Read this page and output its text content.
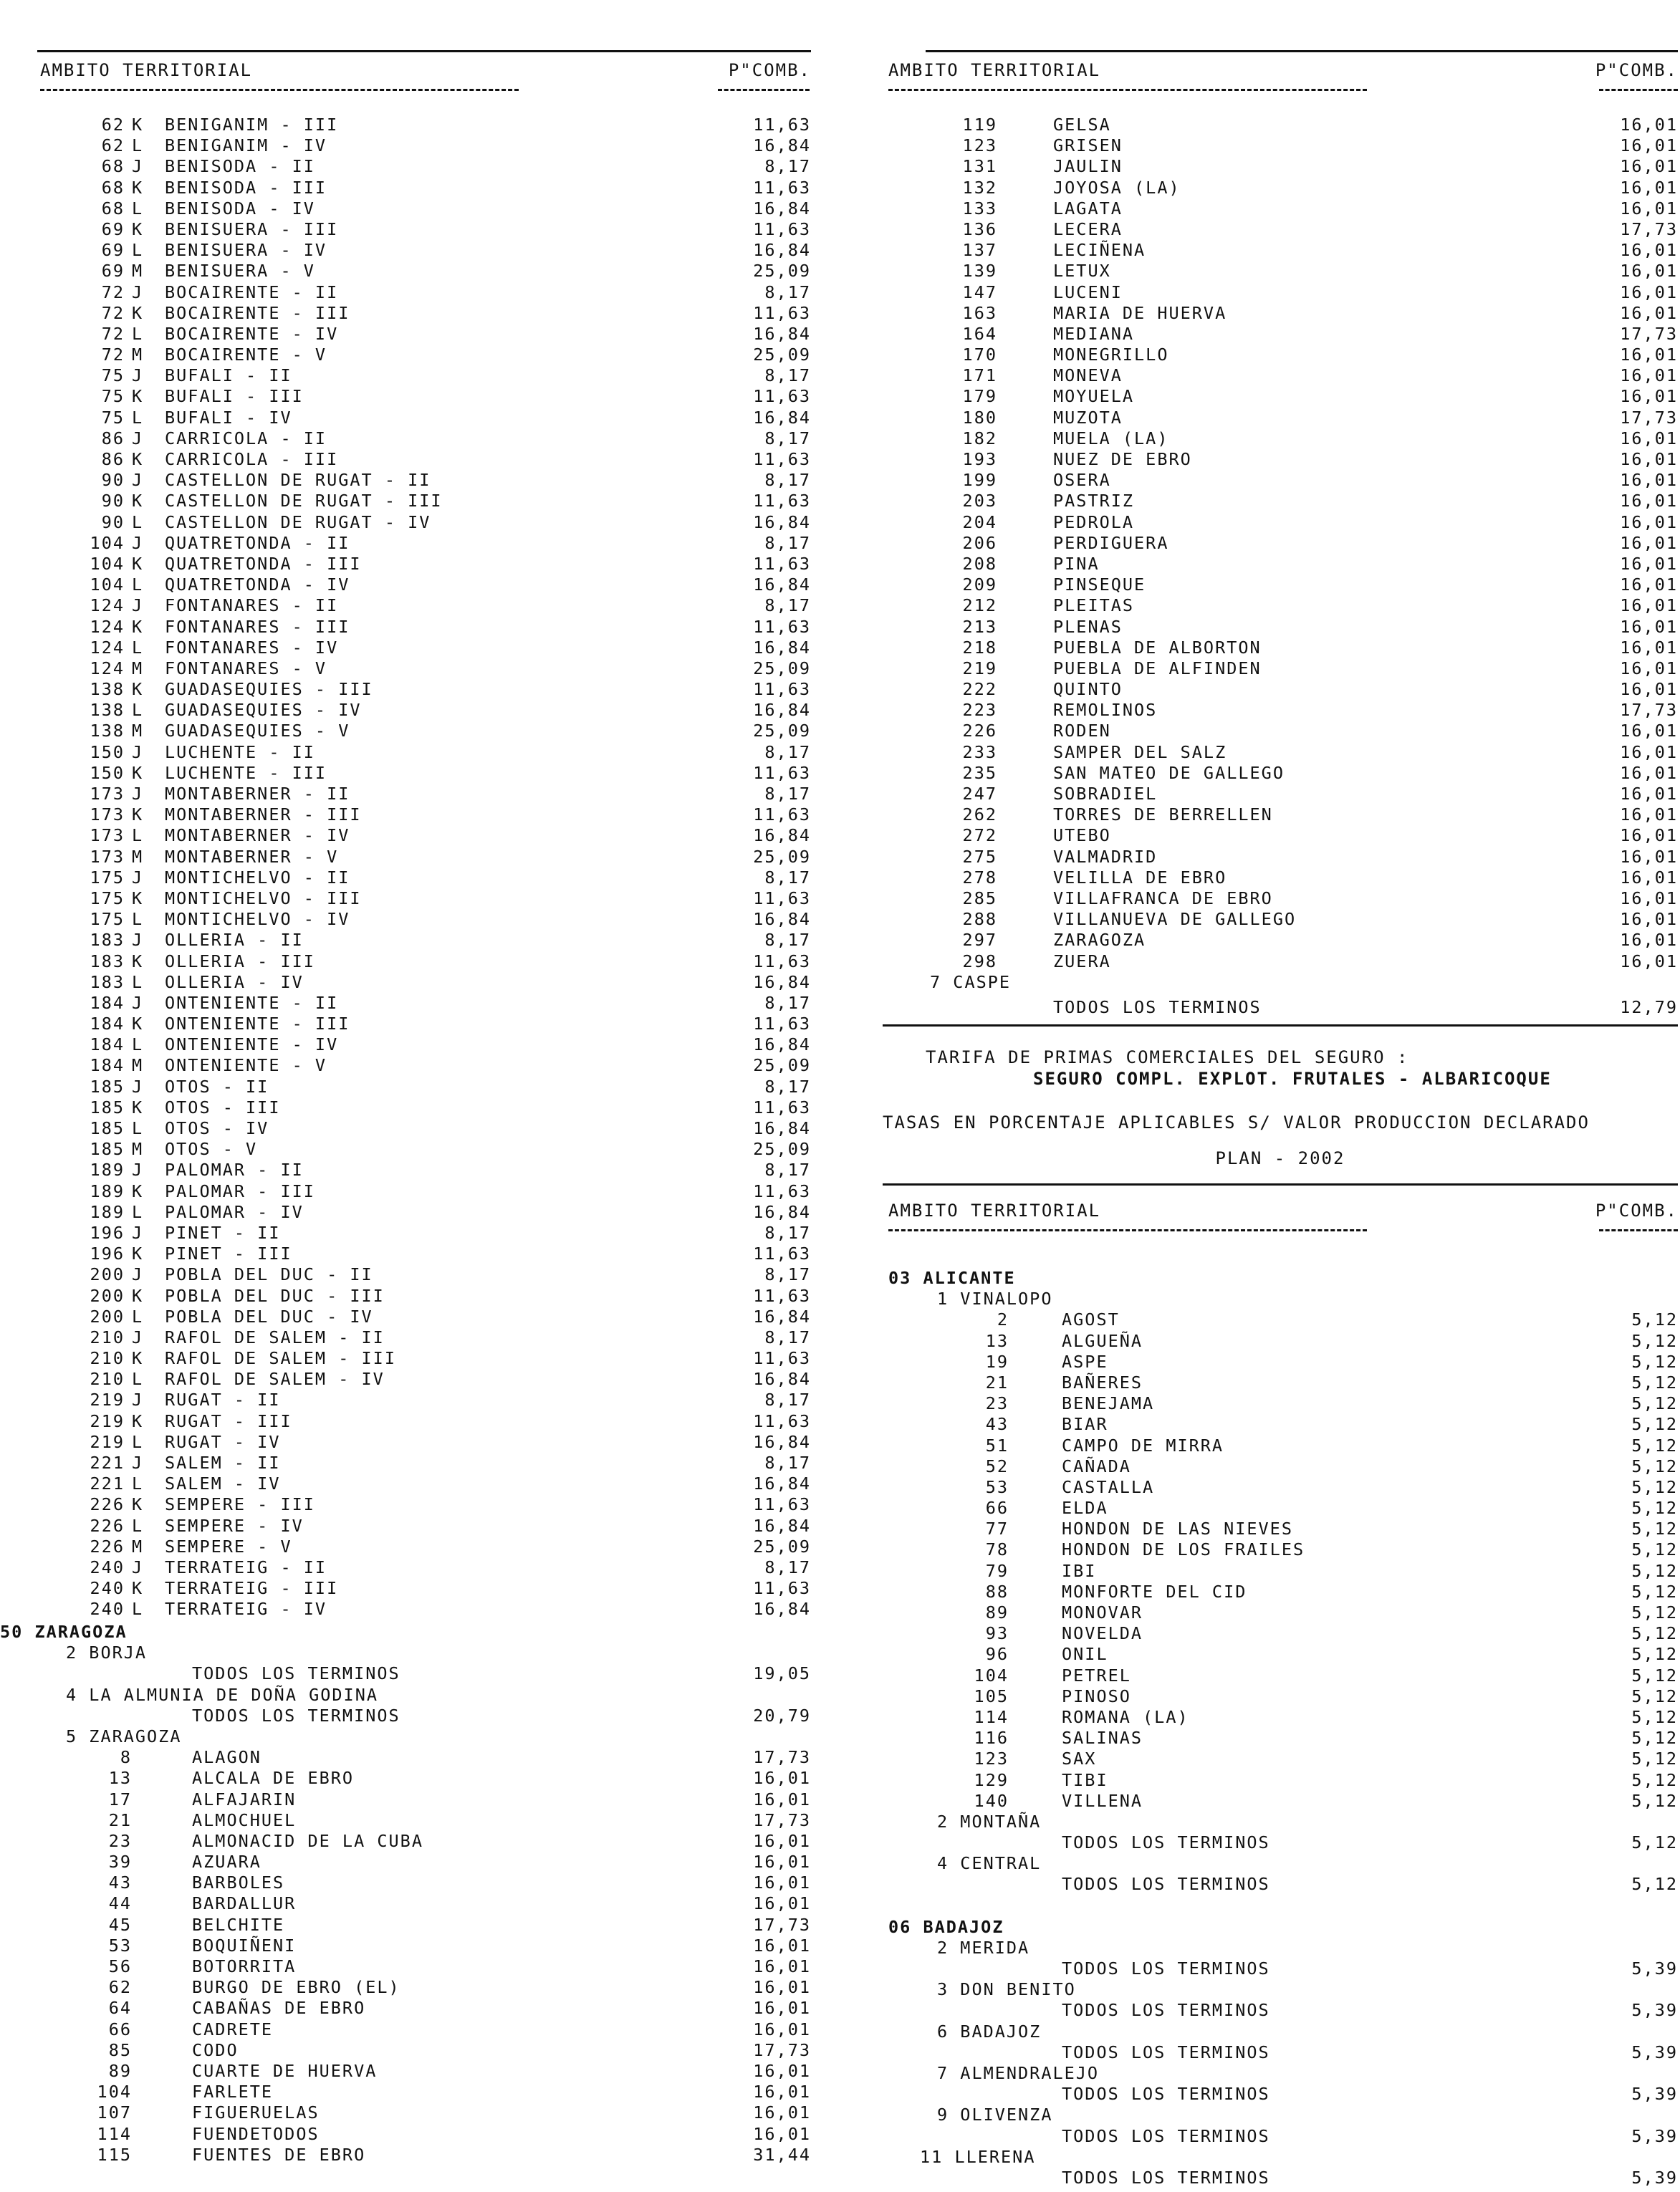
AMBITO TERRITORIAL	P"COMB.
62 K BENIGANIM - III	11,63
62 L BENIGANIM - IV	16,84
68 J BENISODA - II	8,17
68 K BENISODA - III	11,63
68 L BENISODA - IV	16,84
69 K BENISUERA - III	11,63
69 L BENISUERA - IV	16,84
69 M BENISUERA - V	25,09
72 J BOCAIRENTE - II	8,17
72 K BOCAIRENTE - III	11,63
72 L BOCAIRENTE - IV	16,84
72 M BOCAIRENTE - V	25,09
75 J BUFALI - II	8,17
75 K BUFALI - III	11,63
75 L BUFALI - IV	16,84
86 J CARRICOLA - II	8,17
86 K CARRICOLA - III	11,63
90 J CASTELLON DE RUGAT - II	8,17
90 K CASTELLON DE RUGAT - III	11,63
90 L CASTELLON DE RUGAT - IV	16,84
104 J QUATRETONDA - II	8,17
104 K QUATRETONDA - III	11,63
104 L QUATRETONDA - IV	16,84
124 J FONTANARES - II	8,17
124 K FONTANARES - III	11,63
124 L FONTANARES - IV	16,84
124 M FONTANARES - V	25,09
138 K GUADASEQUIES - III	11,63
138 L GUADASEQUIES - IV	16,84
138 M GUADASEQUIES - V	25,09
150 J LUCHENTE - II	8,17
150 K LUCHENTE - III	11,63
173 J MONTABERNER - II	8,17
173 K MONTABERNER - III	11,63
173 L MONTABERNER - IV	16,84
173 M MONTABERNER - V	25,09
175 J MONTICHELVO - II	8,17
175 K MONTICHELVO - III	11,63
175 L MONTICHELVO - IV	16,84
183 J OLLERIA - II	8,17
183 K OLLERIA - III	11,63
183 L OLLERIA - IV	16,84
184 J ONTENIENTE - II	8,17
184 K ONTENIENTE - III	11,63
184 L ONTENIENTE - IV	16,84
184 M ONTENIENTE - V	25,09
185 J OTOS - II	8,17
185 K OTOS - III	11,63
185 L OTOS - IV	16,84
185 M OTOS - V	25,09
189 J PALOMAR - II	8,17
189 K PALOMAR - III	11,63
189 L PALOMAR - IV	16,84
196 J PINET - II	8,17
196 K PINET - III	11,63
200 J POBLA DEL DUC - II	8,17
200 K POBLA DEL DUC - III	11,63
200 L POBLA DEL DUC - IV	16,84
210 J RAFOL DE SALEM - II	8,17
210 K RAFOL DE SALEM - III	11,63
210 L RAFOL DE SALEM - IV	16,84
219 J RUGAT - II	8,17
219 K RUGAT - III	11,63
219 L RUGAT - IV	16,84
221 J SALEM - II	8,17
221 L SALEM - IV	16,84
226 K SEMPERE - III	11,63
226 L SEMPERE - IV	16,84
226 M SEMPERE - V	25,09
240 J TERRATEIG - II	8,17
240 K TERRATEIG - III	11,63
240 L TERRATEIG - IV	16,84
50 ZARAGOZA
2 BORJA
TODOS LOS TERMINOS	19,05
4 LA ALMUNIA DE DOÑA GODINA
TODOS LOS TERMINOS	20,79
5 ZARAGOZA
8	ALAGON	17,73
13	ALCALA DE EBRO	16,01
17	ALFAJARIN	16,01
21	ALMOCHUEL	17,73
23	ALMONACID DE LA CUBA	16,01
39	AZUARA	16,01
43	BARBOLES	16,01
44	BARDALLUR	16,01
45	BELCHITE	17,73
53	BOQUIÑENI	16,01
56	BOTORRITA	16,01
62	BURGO DE EBRO (EL)	16,01
64	CABAÑAS DE EBRO	16,01
66	CADRETE	16,01
85	CODO	17,73
89	CUARTE DE HUERVA	16,01
104	FARLETE	16,01
107	FIGUERUELAS	16,01
114	FUENDETODOS	16,01
115	FUENTES DE EBRO	31,44
AMBITO TERRITORIAL	P"COMB.
119	GELSA	16,01
123	GRISEN	16,01
131	JAULIN	16,01
132	JOYOSA (LA)	16,01
133	LAGATA	16,01
136	LECERA	17,73
137	LECIÑENA	16,01
139	LETUX	16,01
147	LUCENI	16,01
163	MARIA DE HUERVA	16,01
164	MEDIANA	17,73
170	MONEGRILLO	16,01
171	MONEVA	16,01
179	MOYUELA	16,01
180	MUZOTA	17,73
182	MUELA (LA)	16,01
193	NUEZ DE EBRO	16,01
199	OSERA	16,01
203	PASTRIZ	16,01
204	PEDROLA	16,01
206	PERDIGUERA	16,01
208	PINA	16,01
209	PINSEQUE	16,01
212	PLEITAS	16,01
213	PLENAS	16,01
218	PUEBLA DE ALBORTON	16,01
219	PUEBLA DE ALFINDEN	16,01
222	QUINTO	16,01
223	REMOLINOS	17,73
226	RODEN	16,01
233	SAMPER DEL SALZ	16,01
235	SAN MATEO DE GALLEGO	16,01
247	SOBRADIEL	16,01
262	TORRES DE BERRELLEN	16,01
272	UTEBO	16,01
275	VALMADRID	16,01
278	VELILLA DE EBRO	16,01
285	VILLAFRANCA DE EBRO	16,01
288	VILLANUEVA DE GALLEGO	16,01
297	ZARAGOZA	16,01
298	ZUERA	16,01
7 CASPE
TODOS LOS TERMINOS	12,79
TARIFA DE PRIMAS COMERCIALES DEL SEGURO :
SEGURO COMPL. EXPLOT. FRUTALES - ALBARICOQUE
TASAS EN PORCENTAJE APLICABLES S/ VALOR PRODUCCION DECLARADO
PLAN - 2002
AMBITO TERRITORIAL	P"COMB.
03 ALICANTE
1 VINALOPO
2	AGOST	5,12
13	ALGUEÑA	5,12
19	ASPE	5,12
21	BAÑERES	5,12
23	BENEJAMA	5,12
43	BIAR	5,12
51	CAMPO DE MIRRA	5,12
52	CAÑADA	5,12
53	CASTALLA	5,12
66	ELDA	5,12
77	HONDON DE LAS NIEVES	5,12
78	HONDON DE LOS FRAILES	5,12
79	IBI	5,12
88	MONFORTE DEL CID	5,12
89	MONOVAR	5,12
93	NOVELDA	5,12
96	ONIL	5,12
104	PETREL	5,12
105	PINOSO	5,12
114	ROMANA (LA)	5,12
116	SALINAS	5,12
123	SAX	5,12
129	TIBI	5,12
140	VILLENA	5,12
2 MONTAÑA
TODOS LOS TERMINOS	5,12
4 CENTRAL
TODOS LOS TERMINOS	5,12
06 BADAJOZ
2 MERIDA
TODOS LOS TERMINOS	5,39
3 DON BENITO
TODOS LOS TERMINOS	5,39
6 BADAJOZ
TODOS LOS TERMINOS	5,39
7 ALMENDRALEJO
TODOS LOS TERMINOS	5,39
9 OLIVENZA
TODOS LOS TERMINOS	5,39
11 LLERENA
TODOS LOS TERMINOS	5,39
